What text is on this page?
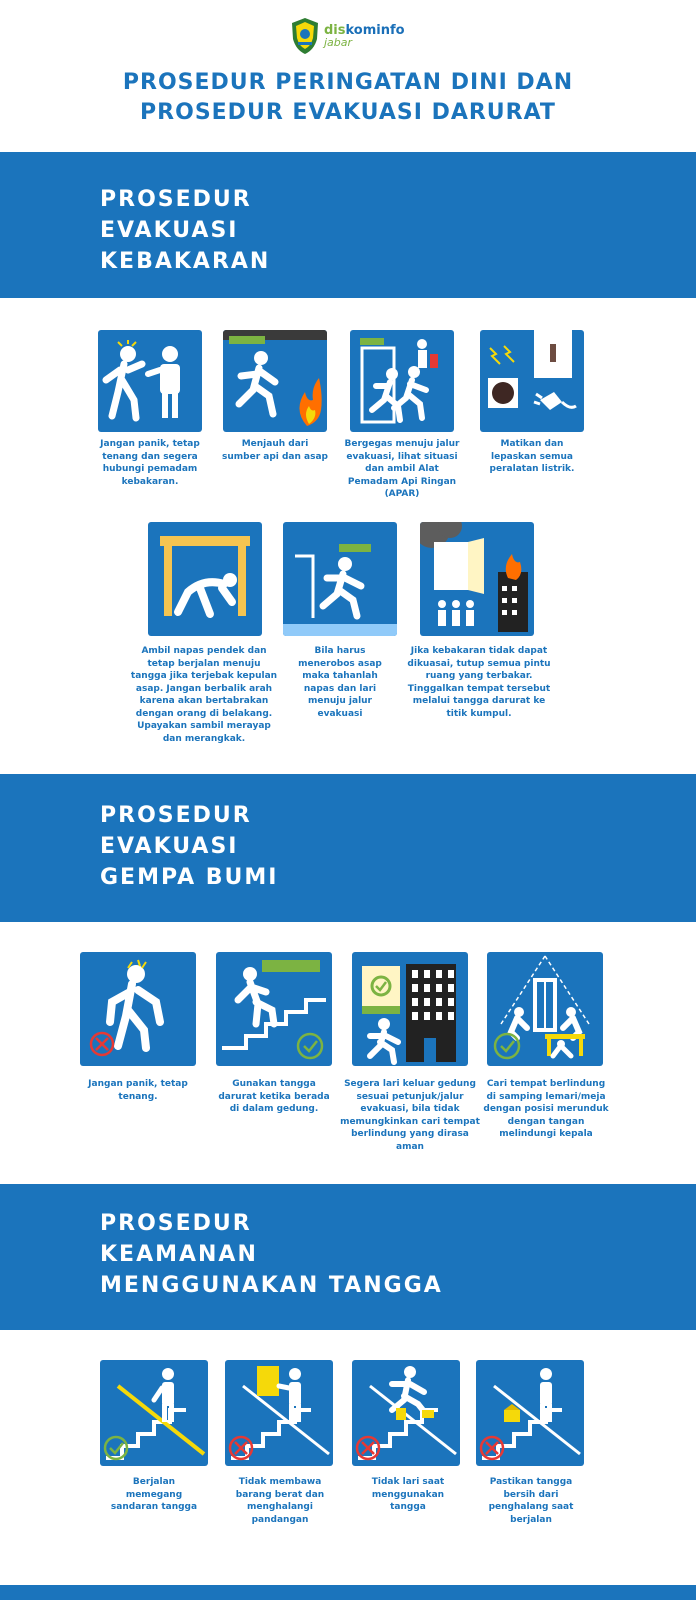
diskominfo
jabar
PROSEDUR PERINGATAN DINI DAN
PROSEDUR EVAKUASI DARURAT
PROSEDUR
EVAKUASI
KEBAKARAN
Jangan panik, tetap tenang dan segera hubungi pemadam kebakaran.
Menjauh dari sumber api dan asap
Bergegas menuju jalur evakuasi, lihat situasi dan ambil Alat Pemadam Api Ringan (APAR)
Matikan dan lepaskan semua peralatan listrik.
Ambil napas pendek dan tetap berjalan menuju tangga jika terjebak kepulan asap. Jangan berbalik arah karena akan bertabrakan dengan orang di belakang. Upayakan sambil merayap dan merangkak.
Bila harus menerobos asap maka tahanlah napas dan lari menuju jalur evakuasi
Jika kebakaran tidak dapat dikuasai, tutup semua pintu ruang yang terbakar. Tinggalkan tempat tersebut melalui tangga darurat ke titik kumpul.
PROSEDUR
EVAKUASI
GEMPA BUMI
Jangan panik, tetap tenang.
Gunakan tangga darurat ketika berada di dalam gedung.
Segera lari keluar gedung sesuai petunjuk/jalur evakuasi, bila tidak memungkinkan cari tempat berlindung yang dirasa aman
Cari tempat berlindung di samping lemari/meja dengan posisi merunduk dengan tangan melindungi kepala
PROSEDUR
KEAMANAN
MENGGUNAKAN TANGGA
Berjalan memegang sandaran tangga
Tidak membawa barang berat dan menghalangi pandangan
Tidak lari saat menggunakan tangga
Pastikan tangga bersih dari penghalang saat berjalan
